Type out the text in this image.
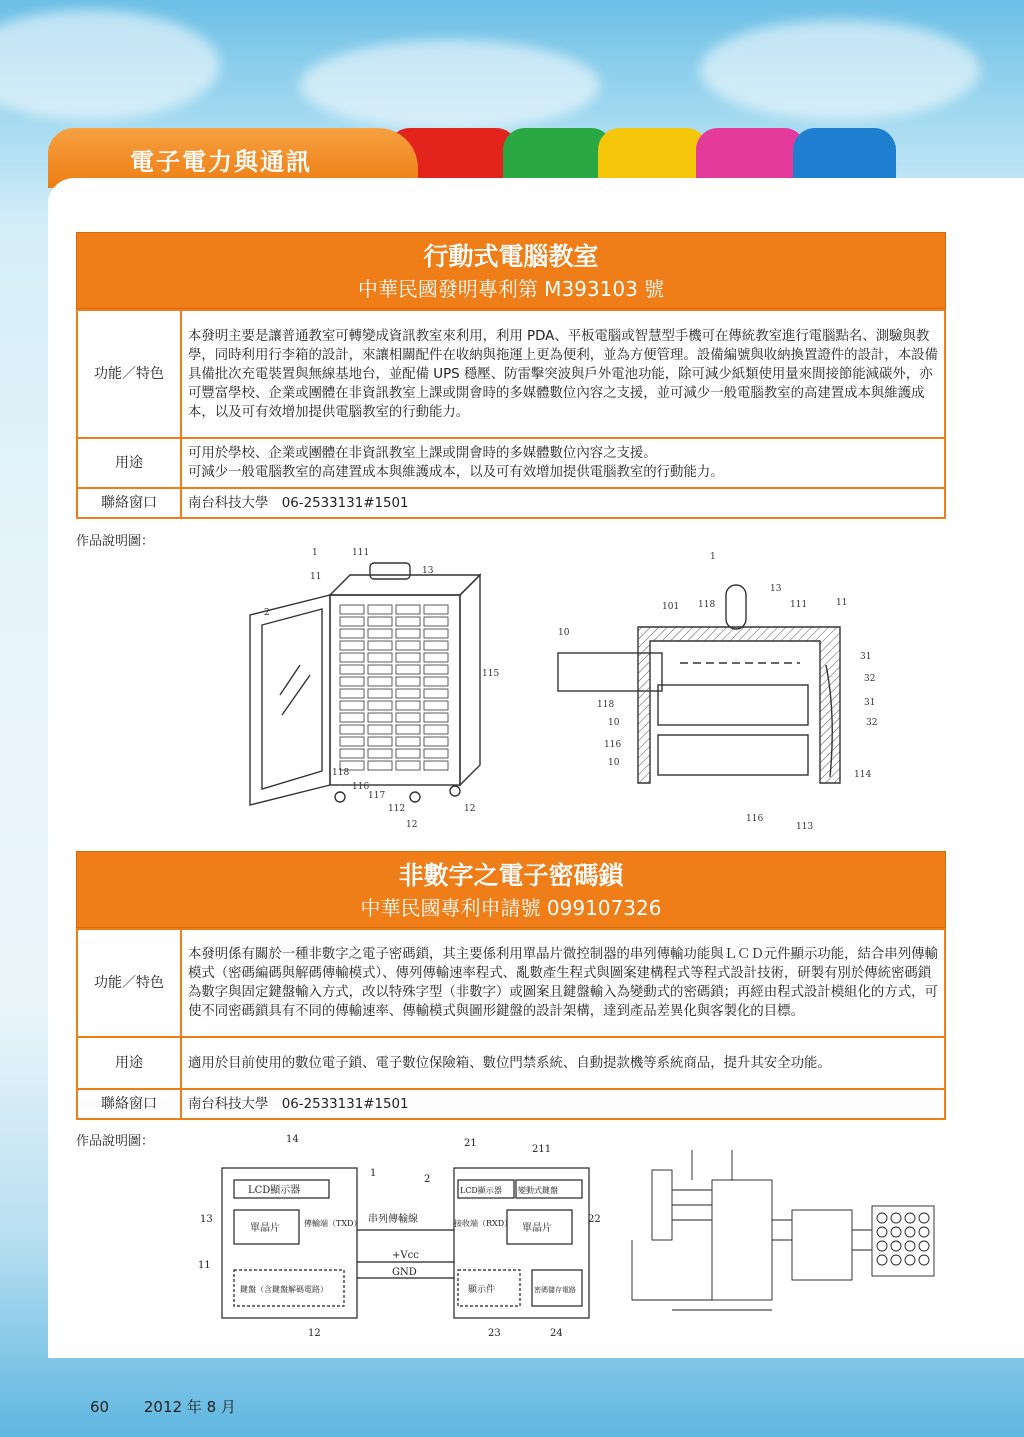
電子電力與通訊
行動式電腦教室
中華民國發明專利第 M393103 號
功能／特色	本發明主要是讓普通教室可轉變成資訊教室來利用，利用 PDA、平板電腦或智慧型手機可在傳統教室進行電腦點名、測驗與教學，同時利用行李箱的設計，來讓相關配件在收納與拖運上更為便利，並為方便管理。設備編號與收納換置證件的設計，本設備具備批次充電裝置與無線基地台，並配備 UPS 穩壓、防雷擊突波與戶外電池功能，除可減少紙類使用量來間接節能減碳外，亦可豐富學校、企業或團體在非資訊教室上課或開會時的多媒體數位內容之支援，並可減少一般電腦教室的高建置成本與維護成本，以及可有效增加提供電腦教室的行動能力。
用途	可用於學校、企業或團體在非資訊教室上課或開會時的多媒體數位內容之支援。
可減少一般電腦教室的高建置成本與維護成本，以及可有效增加提供電腦教室的行動能力。

聯絡窗口	南台科技大學　06-2533131#1501
作品說明圖：
1	111
11
13
2
115
118
116
117
112
12
12
1
13
101 118	111	11
10
31
32
31
32
118
10
116
10
114
116
113
非數字之電子密碼鎖
中華民國專利申請號 099107326
功能／特色	本發明係有關於一種非數字之電子密碼鎖，其主要係利用單晶片微控制器的串列傳輸功能與ＬＣＤ元件顯示功能，結合串列傳輸模式（密碼編碼與解碼傳輸模式）、傳列傳輸速率程式、亂數產生程式與圖案建構程式等程式設計技術，研製有別於傳統密碼鎖為數字與固定鍵盤輸入方式，改以特殊字型（非數字）或圖案且鍵盤輸入為變動式的密碼鎖；再經由程式設計模組化的方式，可使不同密碼鎖具有不同的傳輸速率、傳輸模式與圖形鍵盤的設計架構，達到產品差異化與客製化的目標。
用途	適用於目前使用的數位電子鎖、電子數位保險箱、數位門禁系統、自動提款機等系統商品，提升其安全功能。
聯絡窗口	南台科技大學　06-2533131#1501
作品說明圖：
LCD顯示器
單晶片	傳輸端（TXD） 串列傳輸線
+Vcc
GND
鍵盤（含鍵盤解碼電路）
LCD顯示器 變動式鍵盤
接收端（RXD） 單晶片
顯示件	密碼儲存電路
14	21
211
1
2
13	22
11
12	23	24
60 2012 年 8 月
